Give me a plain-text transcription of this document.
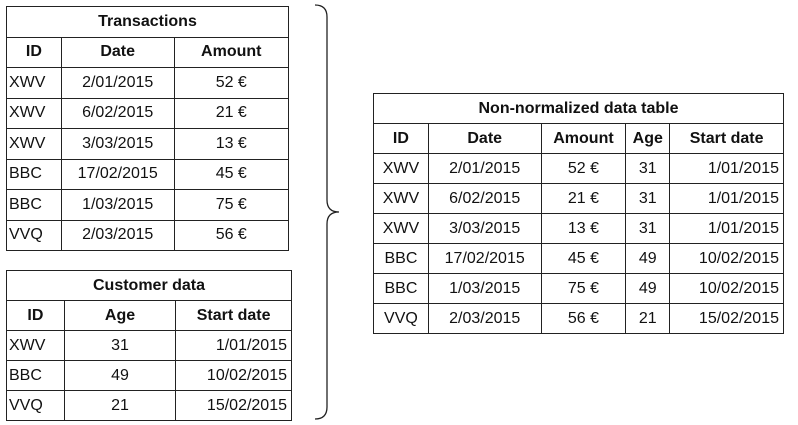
Transactions		
ID	Date	Amount
XWV	2/01/2015	52 €
XWV	6/02/2015	21 €
XWV	3/03/2015	13 €
BBC	17/02/2015	45 €
BBC	1/03/2015	75 €
VVQ	2/03/2015	56 €
Customer data		
ID	Age	Start date
XWV	31	1/01/2015
BBC	49	10/02/2015
VVQ	21	15/02/2015
Non-normalized data table				
ID	Date	Amount	Age	Start date
XWV	2/01/2015	52 €	31	1/01/2015
XWV	6/02/2015	21 €	31	1/01/2015
XWV	3/03/2015	13 €	31	1/01/2015
BBC	17/02/2015	45 €	49	10/02/2015
BBC	1/03/2015	75 €	49	10/02/2015
VVQ	2/03/2015	56 €	21	15/02/2015
